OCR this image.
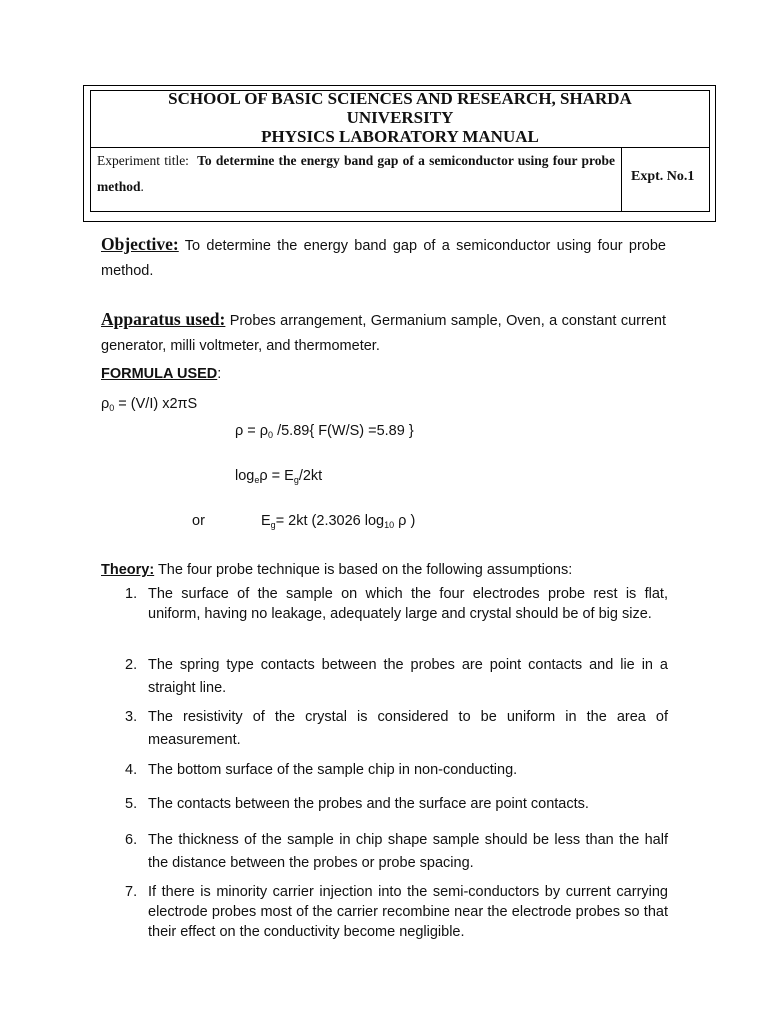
SCHOOL OF BASIC SCIENCES AND RESEARCH, SHARDA
UNIVERSITY
PHYSICS LABORATORY MANUAL
Experiment title: To determine the energy band gap of a semiconductor using four probe method.
Expt. No.1
Objective: To determine the energy band gap of a semiconductor using four probe method.
Apparatus used: Probes arrangement, Germanium sample, Oven, a constant current generator, milli voltmeter, and thermometer.
FORMULA USED:
$\rho_0 = (V/I)$ x2πS
$\rho = \rho_0$ /5.89{ F(W/S) =5.89 }
$\log_e\rho = E_g/2kt$
or	$E_g= 2kt$ (2.3026 $\log_{10} \rho$ )
Theory: The four probe technique is based on the following assumptions:
1. The surface of the sample on which the four electrodes probe rest is flat, uniform, having no leakage, adequately large and crystal should be of big size.
2. The spring type contacts between the probes are point contacts and lie in a straight line.
3. The resistivity of the crystal is considered to be uniform in the area of measurement.
4. The bottom surface of the sample chip in non-conducting.
5. The contacts between the probes and the surface are point contacts.
6. The thickness of the sample in chip shape sample should be less than the half the distance between the probes or probe spacing.
7. If there is minority carrier injection into the semi-conductors by current carrying electrode probes most of the carrier recombine near the electrode probes so that their effect on the conductivity become negligible.
